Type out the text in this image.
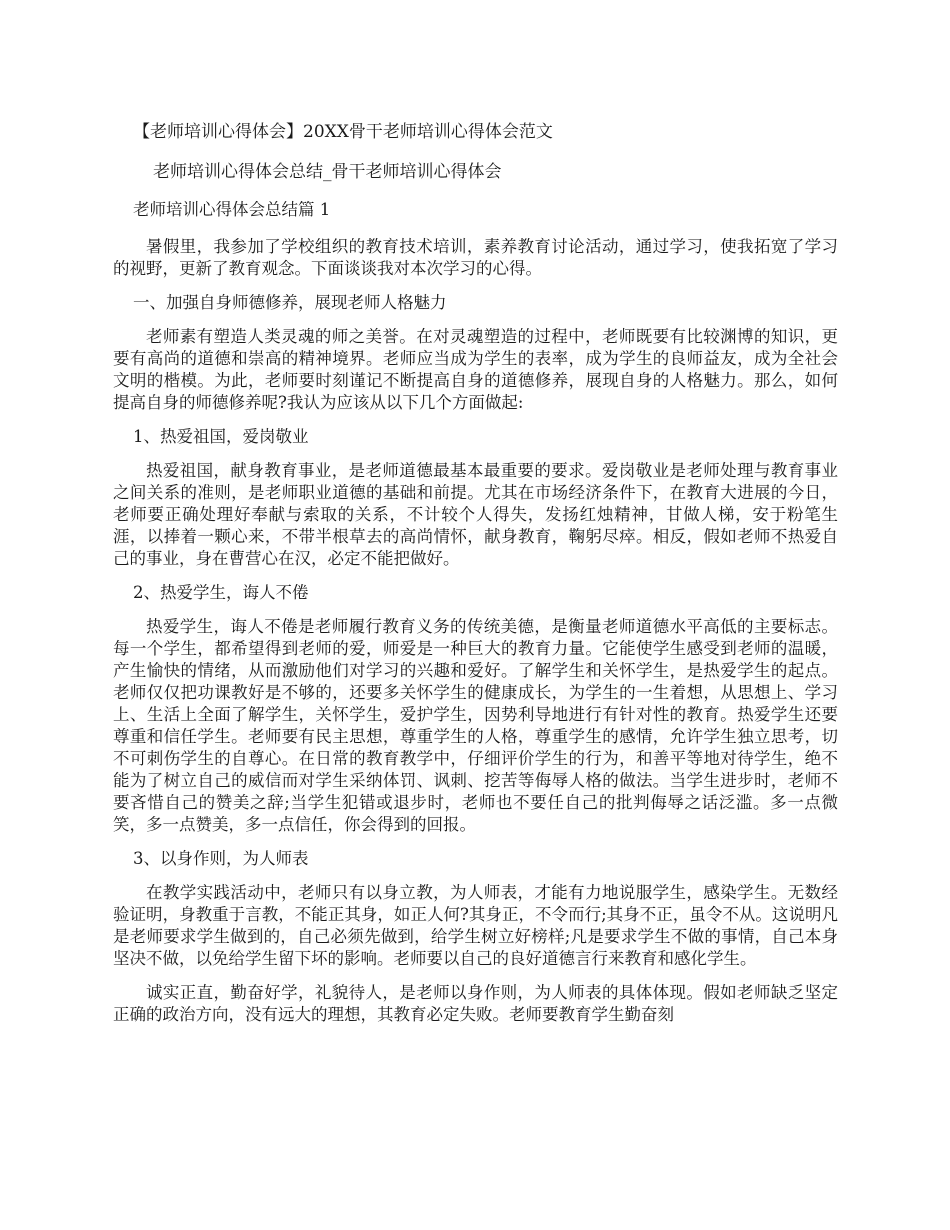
【老师培训心得体会】20XX骨干老师培训心得体会范文

老师培训心得体会总结_骨干老师培训心得体会

老师培训心得体会总结篇 1

暑假里，我参加了学校组织的教育技术培训，素养教育讨论活动，通过学习，使我拓宽了学习的视野，更新了教育观念。下面谈谈我对本次学习的心得。

一、加强自身师德修养，展现老师人格魅力

老师素有塑造人类灵魂的师之美誉。在对灵魂塑造的过程中，老师既要有比较渊博的知识，更要有高尚的道德和崇高的精神境界。老师应当成为学生的表率，成为学生的良师益友，成为全社会文明的楷模。为此，老师要时刻谨记不断提高自身的道德修养，展现自身的人格魅力。那么，如何提高自身的师德修养呢?我认为应该从以下几个方面做起:

1、热爱祖国，爱岗敬业

热爱祖国，献身教育事业，是老师道德最基本最重要的要求。爱岗敬业是老师处理与教育事业之间关系的准则，是老师职业道德的基础和前提。尤其在市场经济条件下，在教育大进展的今日，老师要正确处理好奉献与索取的关系，不计较个人得失，发扬红烛精神，甘做人梯，安于粉笔生涯，以捧着一颗心来，不带半根草去的高尚情怀，献身教育，鞠躬尽瘁。相反，假如老师不热爱自己的事业，身在曹营心在汉，必定不能把做好。

2、热爱学生，诲人不倦

热爱学生，诲人不倦是老师履行教育义务的传统美德，是衡量老师道德水平高低的主要标志。每一个学生，都希望得到老师的爱，师爱是一种巨大的教育力量。它能使学生感受到老师的温暖，产生愉快的情绪，从而激励他们对学习的兴趣和爱好。了解学生和关怀学生，是热爱学生的起点。老师仅仅把功课教好是不够的，还要多关怀学生的健康成长，为学生的一生着想，从思想上、学习上、生活上全面了解学生，关怀学生，爱护学生，因势利导地进行有针对性的教育。热爱学生还要尊重和信任学生。老师要有民主思想，尊重学生的人格，尊重学生的感情，允许学生独立思考，切不可刺伤学生的自尊心。在日常的教育教学中，仔细评价学生的行为，和善平等地对待学生，绝不能为了树立自己的威信而对学生采纳体罚、讽刺、挖苦等侮辱人格的做法。当学生进步时，老师不要吝惜自己的赞美之辞;当学生犯错或退步时，老师也不要任自己的批判侮辱之话泛滥。多一点微笑，多一点赞美，多一点信任，你会得到的回报。

3、以身作则，为人师表

在教学实践活动中，老师只有以身立教，为人师表，才能有力地说服学生，感染学生。无数经验证明，身教重于言教，不能正其身，如正人何?其身正，不令而行;其身不正，虽令不从。这说明凡是老师要求学生做到的，自己必须先做到，给学生树立好榜样;凡是要求学生不做的事情，自己本身坚决不做，以免给学生留下坏的影响。老师要以自己的良好道德言行来教育和感化学生。

诚实正直，勤奋好学，礼貌待人，是老师以身作则，为人师表的具体体现。假如老师缺乏坚定正确的政治方向，没有远大的理想，其教育必定失败。老师要教育学生勤奋刻
